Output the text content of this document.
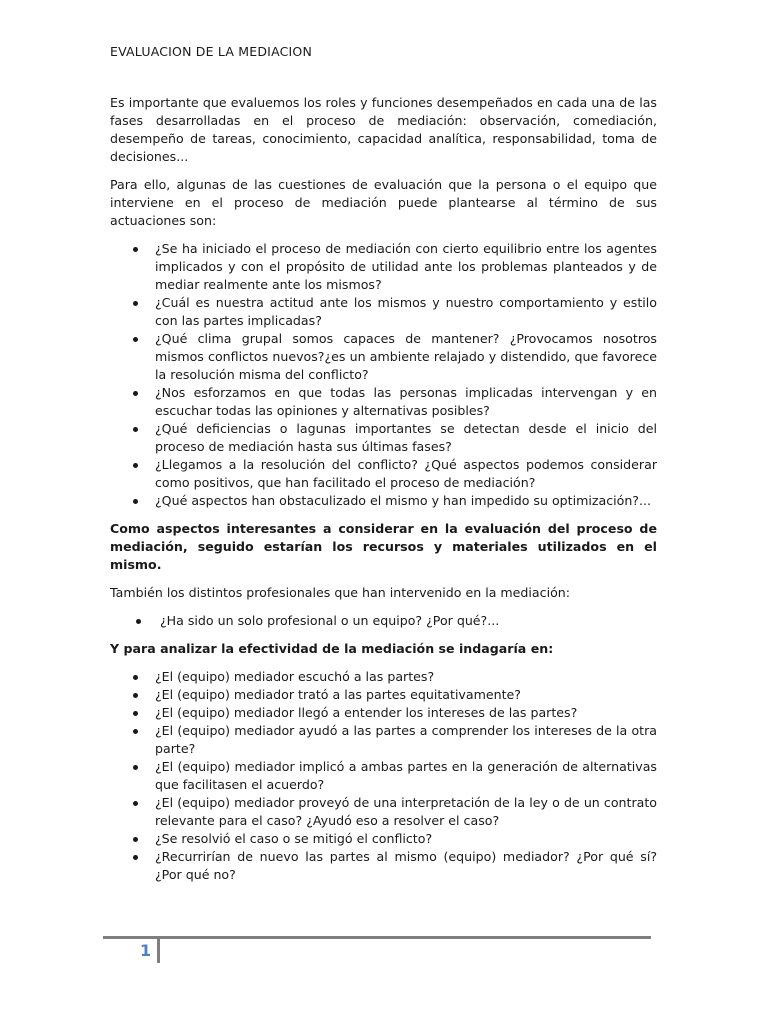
EVALUACION DE LA MEDIACION

Es importante que evaluemos los roles y funciones desempeñados en cada una de las fases desarrolladas en el proceso de mediación: observación, comediación, desempeño de tareas, conocimiento, capacidad analítica, responsabilidad, toma de decisiones...

Para ello, algunas de las cuestiones de evaluación que la persona o el equipo que interviene en el proceso de mediación puede plantearse al término de sus actuaciones son:

¿Se ha iniciado el proceso de mediación con cierto equilibrio entre los agentes implicados y con el propósito de utilidad ante los problemas planteados y de mediar realmente ante los mismos?
¿Cuál es nuestra actitud ante los mismos y nuestro comportamiento y estilo con las partes implicadas?
¿Qué clima grupal somos capaces de mantener? ¿Provocamos nosotros mismos conflictos nuevos?¿es un ambiente relajado y distendido, que favorece la resolución misma del conflicto?
¿Nos esforzamos en que todas las personas implicadas intervengan y en escuchar todas las opiniones y alternativas posibles?
¿Qué deficiencias o lagunas importantes se detectan desde el inicio del proceso de mediación hasta sus últimas fases?
¿Llegamos a la resolución del conflicto? ¿Qué aspectos podemos considerar como positivos, que han facilitado el proceso de mediación?
¿Qué aspectos han obstaculizado el mismo y han impedido su optimización?...

Como aspectos interesantes a considerar en la evaluación del proceso de mediación, seguido estarían los recursos y materiales utilizados en el mismo.

También los distintos profesionales que han intervenido en la mediación:

¿Ha sido un solo profesional o un equipo? ¿Por qué?...

Y para analizar la efectividad de la mediación se indagaría en:

¿El (equipo) mediador escuchó a las partes?
¿El (equipo) mediador trató a las partes equitativamente?
¿El (equipo) mediador llegó a entender los intereses de las partes?
¿El (equipo) mediador ayudó a las partes a comprender los intereses de la otra parte?
¿El (equipo) mediador implicó a ambas partes en la generación de alternativas que facilitasen el acuerdo?
¿El (equipo) mediador proveyó de una interpretación de la ley o de un contrato relevante para el caso? ¿Ayudó eso a resolver el caso?
¿Se resolvió el caso o se mitigó el conflicto?
¿Recurrirían de nuevo las partes al mismo (equipo) mediador? ¿Por qué sí? ¿Por qué no?
1
